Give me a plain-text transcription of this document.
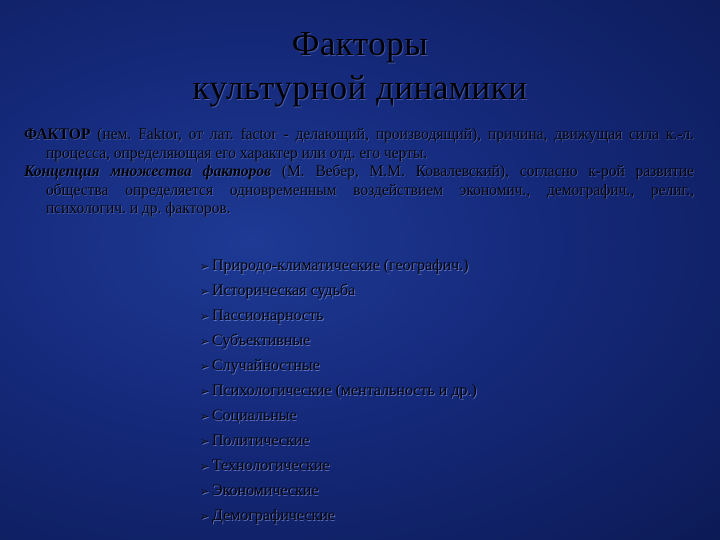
Факторы
культурной динамики

ФАКТОР (нем. Faktor, от лат. factor - делающий, производящий), причина, движущая сила к.-л. процесса, определяющая его характер или отд. его черты.

Концепция множества факторов (М. Вебер, М.М. Ковалевский), согласно к-рой развитие общества определяется одновременным воздействием экономич., демографич., религ., психологич. и др. факторов.

➢ Природо-климатические (географич.)
➢ Историческая судьба
➢ Пассионарность
➢ Субъективные
➢ Случайностные
➢ Психологические (ментальность и др.)
➢ Социальные
➢ Политические
➢ Технологические
➢ Экономические
➢ Демографические
